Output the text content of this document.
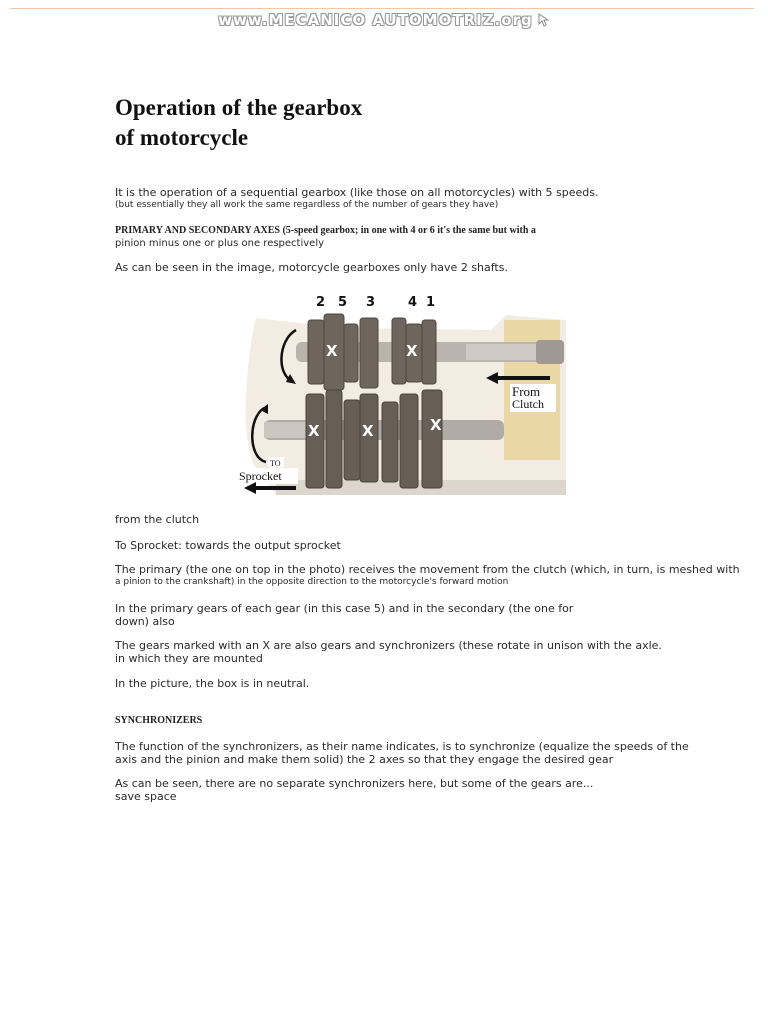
www.MECANICO AUTOMOTRIZ.org
Operation of the gearbox
of motorcycle
It is the operation of a sequential gearbox (like those on all motorcycles) with 5 speeds.
(but essentially they all work the same regardless of the number of gears they have)
PRIMARY AND SECONDARY AXES (5-speed gearbox; in one with 4 or 6 it's the same but with a
pinion minus one or plus one respectively
As can be seen in the image, motorcycle gearboxes only have 2 shafts.
2 5 3	4 1
X	X
X	X	X
From
Clutch
TO
Sprocket
from the clutch
To Sprocket: towards the output sprocket
The primary (the one on top in the photo) receives the movement from the clutch (which, in turn, is meshed with
a pinion to the crankshaft) in the opposite direction to the motorcycle's forward motion
In the primary gears of each gear (in this case 5) and in the secondary (the one for
down) also
The gears marked with an X are also gears and synchronizers (these rotate in unison with the axle.
in which they are mounted
In the picture, the box is in neutral.
SYNCHRONIZERS
The function of the synchronizers, as their name indicates, is to synchronize (equalize the speeds of the
axis and the pinion and make them solid) the 2 axes so that they engage the desired gear
As can be seen, there are no separate synchronizers here, but some of the gears are...
save space
